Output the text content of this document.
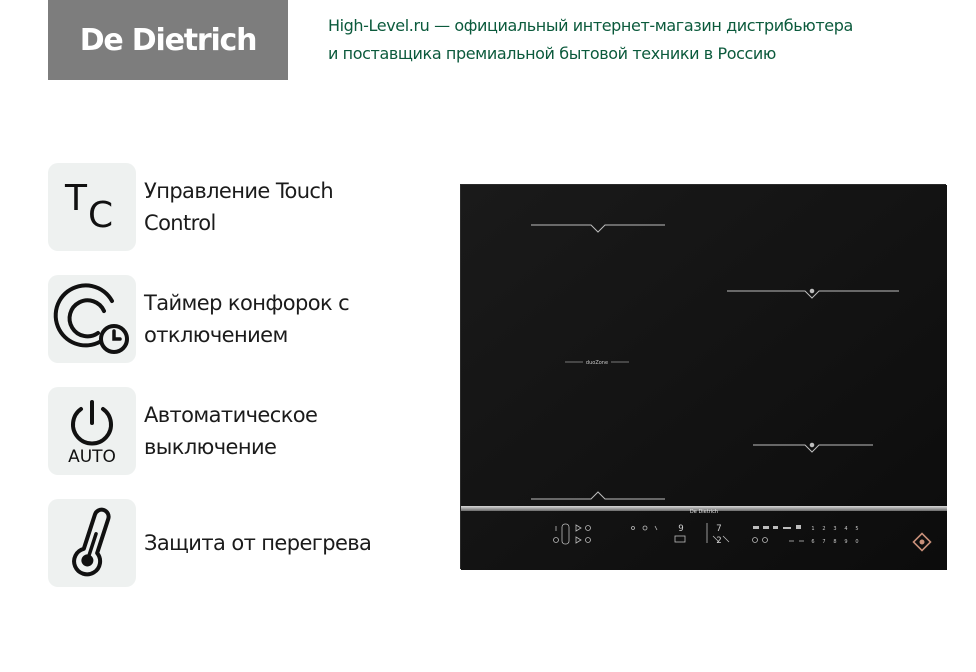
De Dietrich	High-Level.ru — официальный интернет-магазин дистрибьютера
и поставщика премиальной бытовой техники в Россию
T C
Управление Touch
Control
Таймер конфорок с
отключением
AUTO
Автоматическое
выключение
Защита от перегрева
duoZone
De Dietrich
9	7
2
1 2 3 4 5
6 7 8 9 0
